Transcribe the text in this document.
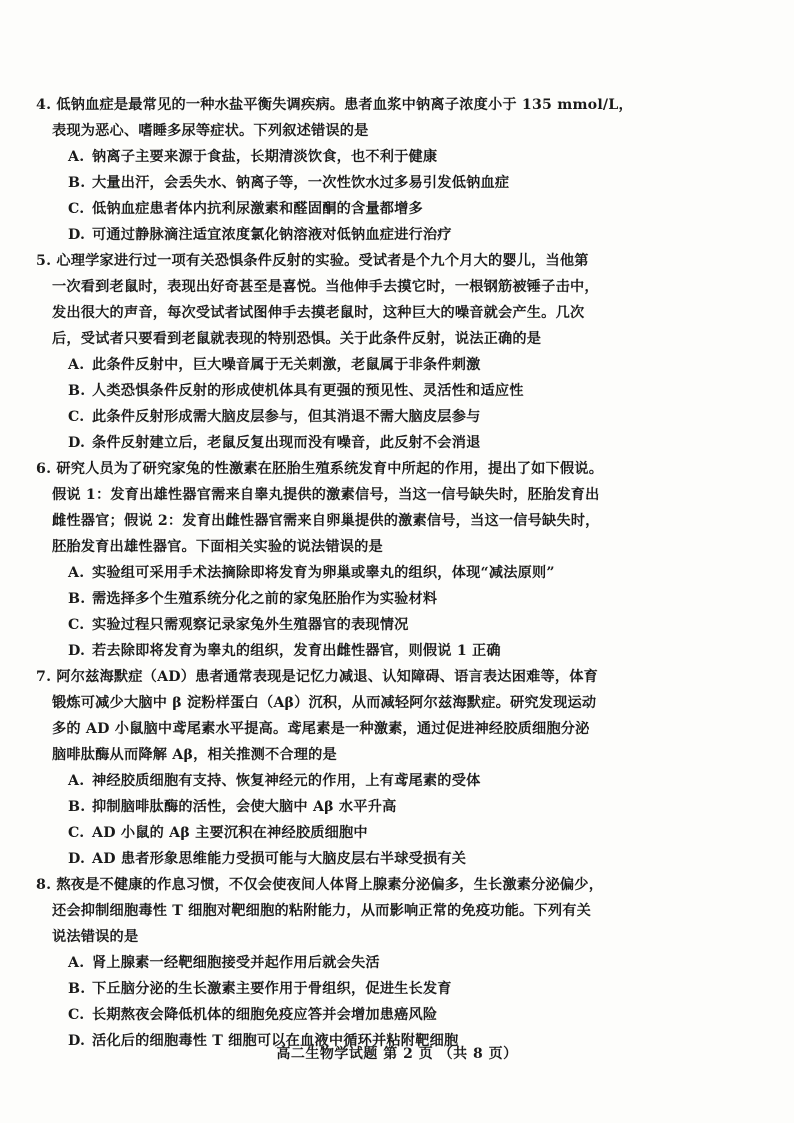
4. 低钠血症是最常见的一种水盐平衡失调疾病。患者血浆中钠离子浓度小于 135 mmol/L，
表现为恶心、嗜睡多尿等症状。下列叙述错误的是
A. 钠离子主要来源于食盐，长期清淡饮食，也不利于健康
B. 大量出汗，会丢失水、钠离子等，一次性饮水过多易引发低钠血症
C. 低钠血症患者体内抗利尿激素和醛固酮的含量都增多
D. 可通过静脉滴注适宜浓度氯化钠溶液对低钠血症进行治疗
5. 心理学家进行过一项有关恐惧条件反射的实验。受试者是个九个月大的婴儿，当他第
一次看到老鼠时，表现出好奇甚至是喜悦。当他伸手去摸它时，一根钢筋被锤子击中，
发出很大的声音，每次受试者试图伸手去摸老鼠时，这种巨大的噪音就会产生。几次
后，受试者只要看到老鼠就表现的特别恐惧。关于此条件反射，说法正确的是
A. 此条件反射中，巨大噪音属于无关刺激，老鼠属于非条件刺激
B. 人类恐惧条件反射的形成使机体具有更强的预见性、灵活性和适应性
C. 此条件反射形成需大脑皮层参与，但其消退不需大脑皮层参与
D. 条件反射建立后，老鼠反复出现而没有噪音，此反射不会消退
6. 研究人员为了研究家兔的性激素在胚胎生殖系统发育中所起的作用，提出了如下假说。
假说 1：发育出雄性器官需来自睾丸提供的激素信号，当这一信号缺失时，胚胎发育出
雌性器官；假说 2：发育出雌性器官需来自卵巢提供的激素信号，当这一信号缺失时，
胚胎发育出雄性器官。下面相关实验的说法错误的是
A. 实验组可采用手术法摘除即将发育为卵巢或睾丸的组织，体现“减法原则”
B. 需选择多个生殖系统分化之前的家兔胚胎作为实验材料
C. 实验过程只需观察记录家兔外生殖器官的表现情况
D. 若去除即将发育为睾丸的组织，发育出雌性器官，则假说 1 正确
7. 阿尔兹海默症（AD）患者通常表现是记忆力减退、认知障碍、语言表达困难等，体育
锻炼可减少大脑中 β 淀粉样蛋白（Aβ）沉积，从而减轻阿尔兹海默症。研究发现运动
多的 AD 小鼠脑中鸢尾素水平提高。鸢尾素是一种激素，通过促进神经胶质细胞分泌
脑啡肽酶从而降解 Aβ，相关推测不合理的是
A. 神经胶质细胞有支持、恢复神经元的作用，上有鸢尾素的受体
B. 抑制脑啡肽酶的活性，会使大脑中 Aβ 水平升高
C. AD 小鼠的 Aβ 主要沉积在神经胶质细胞中
D. AD 患者形象思维能力受损可能与大脑皮层右半球受损有关
8. 熬夜是不健康的作息习惯，不仅会使夜间人体肾上腺素分泌偏多，生长激素分泌偏少，
还会抑制细胞毒性 T 细胞对靶细胞的粘附能力，从而影响正常的免疫功能。下列有关
说法错误的是
A. 肾上腺素一经靶细胞接受并起作用后就会失活
B. 下丘脑分泌的生长激素主要作用于骨组织，促进生长发育
C. 长期熬夜会降低机体的细胞免疫应答并会增加患癌风险
D. 活化后的细胞毒性 T 细胞可以在血液中循环并粘附靶细胞
高二生物学试题 第 2 页 （共 8 页）
